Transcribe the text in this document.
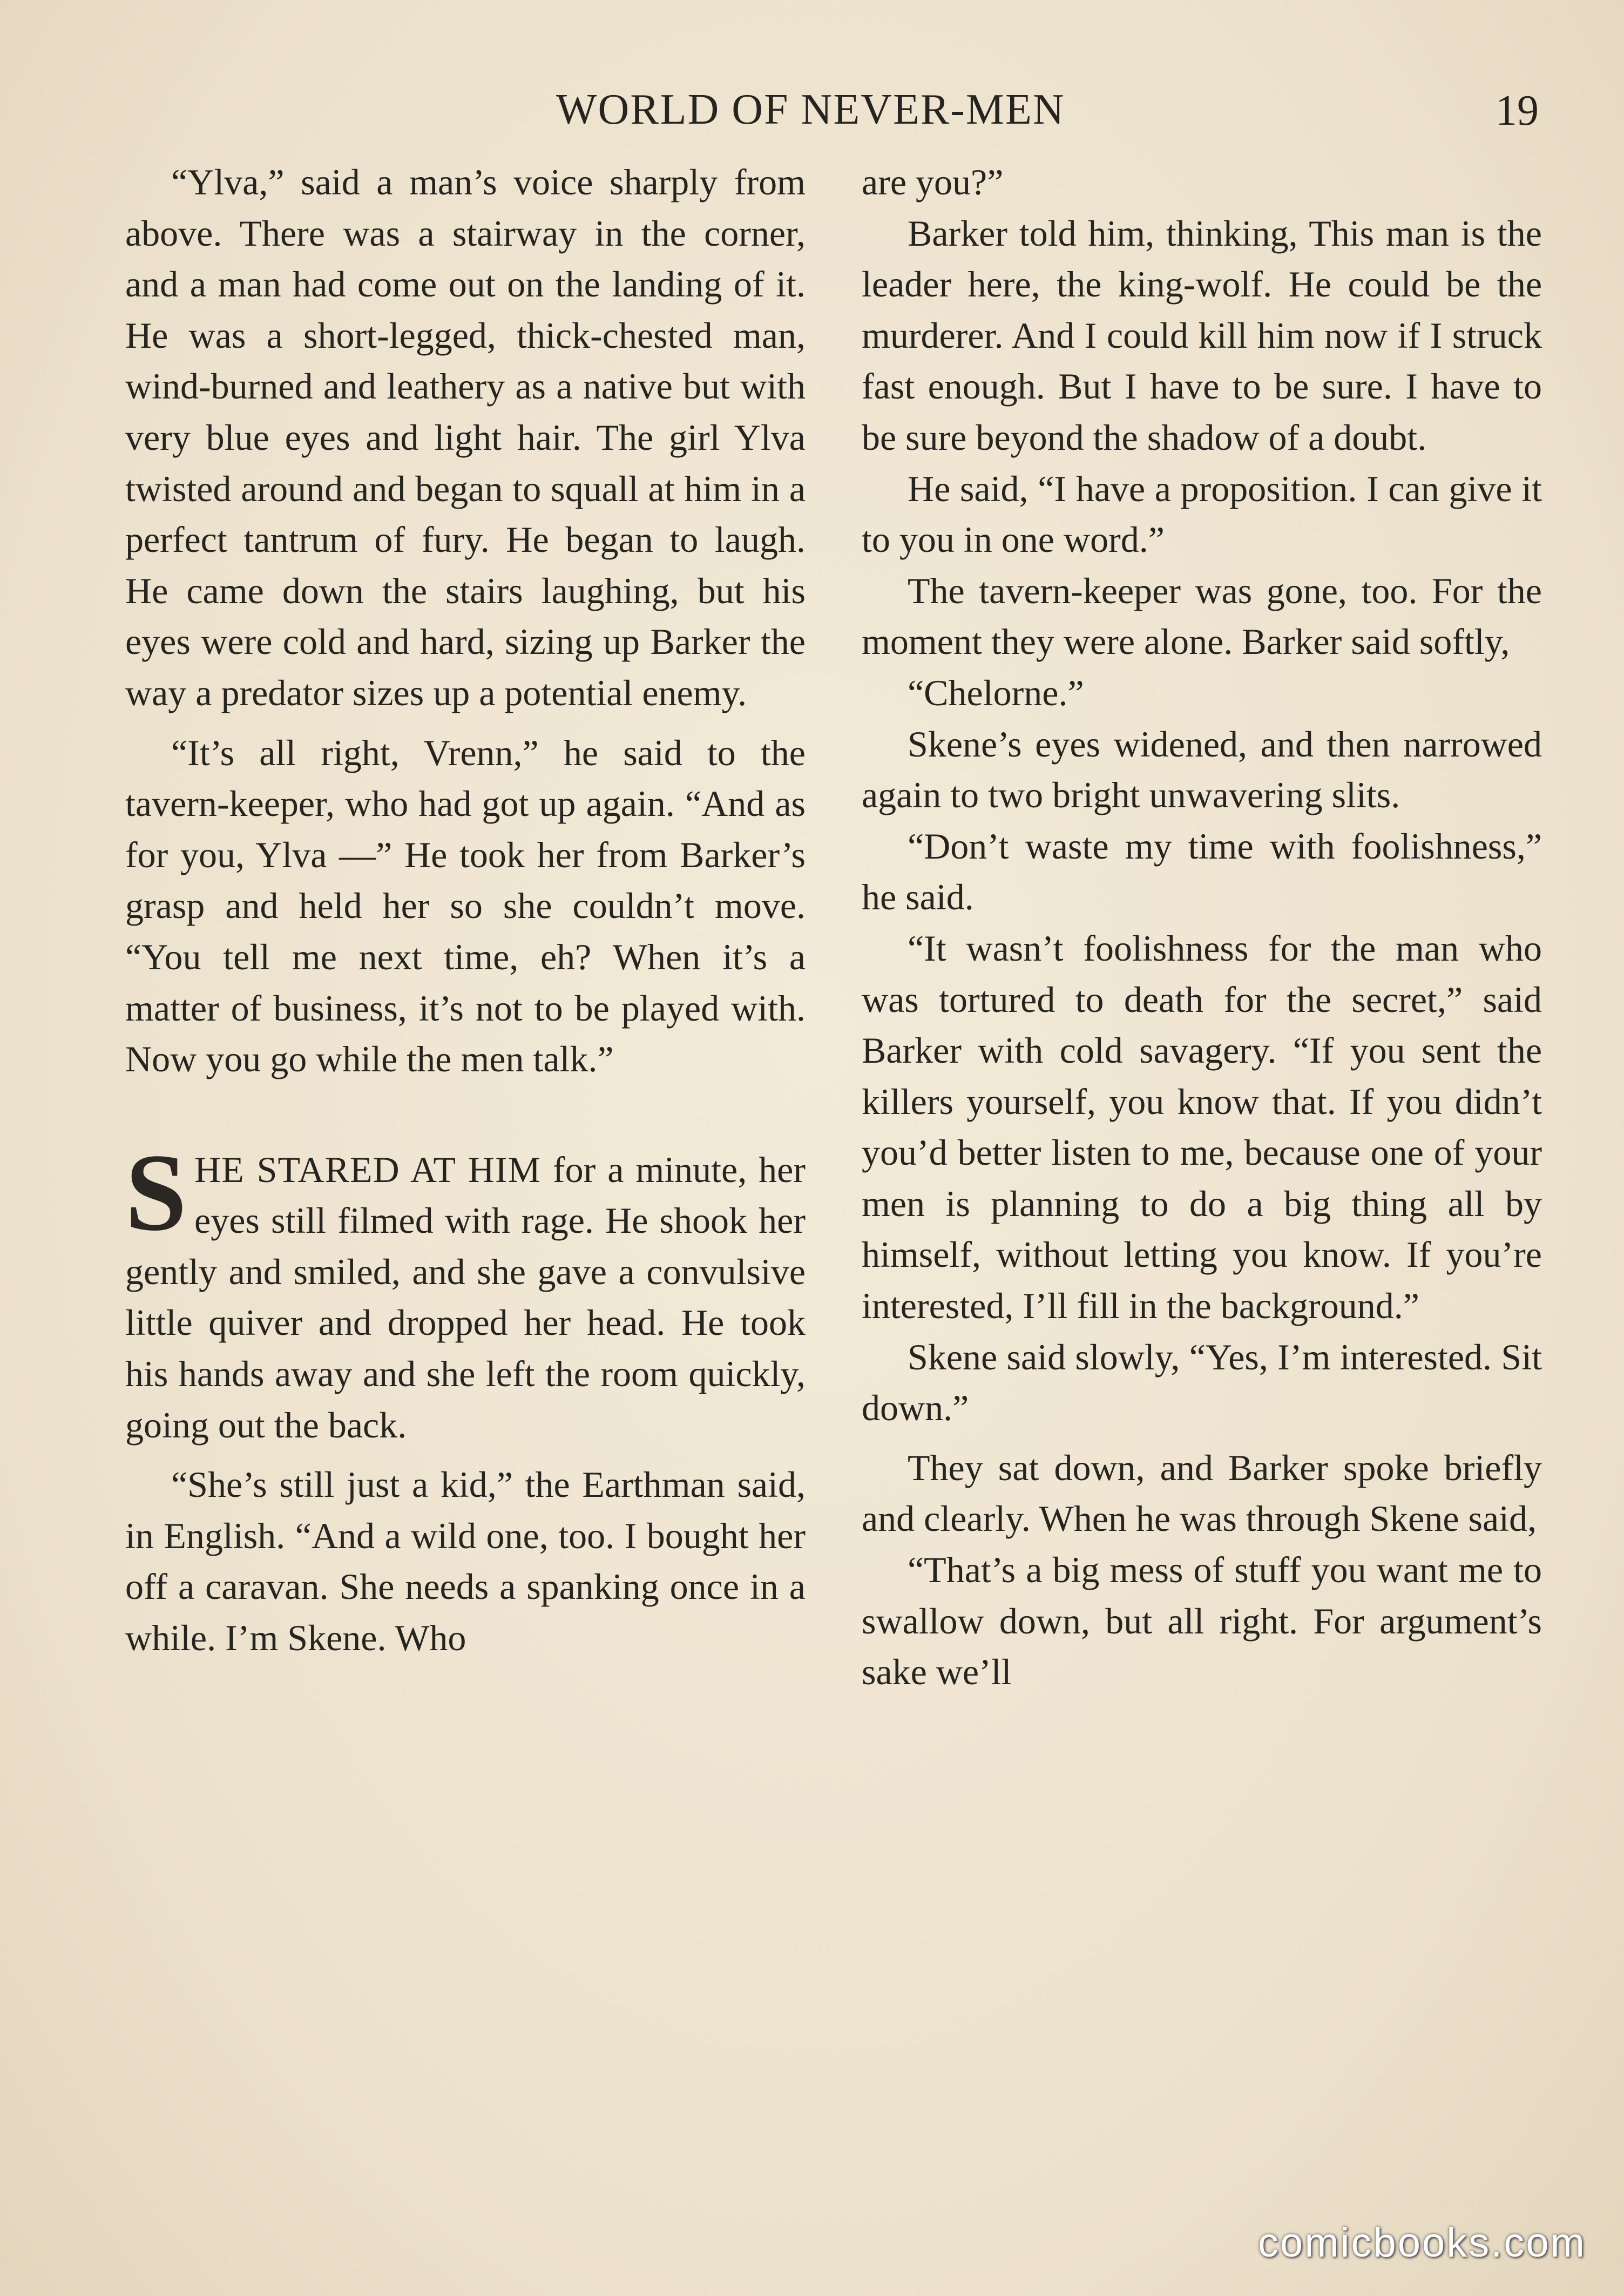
WORLD OF NEVER-MEN	19

“Ylva,” said a man’s voice sharply from above. There was a stairway in the corner, and a man had come out on the landing of it. He was a short-legged, thick-chested man, wind-burned and leathery as a native but with very blue eyes and light hair. The girl Ylva twisted around and began to squall at him in a perfect tantrum of fury. He began to laugh. He came down the stairs laughing, but his eyes were cold and hard, sizing up Barker the way a predator sizes up a potential enemy.

“It’s all right, Vrenn,” he said to the tavern-keeper, who had got up again. “And as for you, Ylva —” He took her from Barker’s grasp and held her so she couldn’t move. “You tell me next time, eh? When it’s a matter of business, it’s not to be played with. Now you go while the men talk.”

SHE STARED AT HIM for a minute, her eyes still filmed with rage. He shook her gently and smiled, and she gave a convulsive little quiver and dropped her head. He took his hands away and she left the room quickly, going out the back.

“She’s still just a kid,” the Earthman said, in English. “And a wild one, too. I bought her off a caravan. She needs a spanking once in a while. I’m Skene. Who

are you?”

Barker told him, thinking, This man is the leader here, the king-wolf. He could be the murderer. And I could kill him now if I struck fast enough. But I have to be sure. I have to be sure beyond the shadow of a doubt.

He said, “I have a proposition. I can give it to you in one word.”

The tavern-keeper was gone, too. For the moment they were alone. Barker said softly,

“Chelorne.”

Skene’s eyes widened, and then narrowed again to two bright unwavering slits.

“Don’t waste my time with foolishness,” he said.

“It wasn’t foolishness for the man who was tortured to death for the secret,” said Barker with cold savagery. “If you sent the killers yourself, you know that. If you didn’t you’d better listen to me, because one of your men is planning to do a big thing all by himself, without letting you know. If you’re interested, I’ll fill in the background.”

Skene said slowly, “Yes, I’m interested. Sit down.”

They sat down, and Barker spoke briefly and clearly. When he was through Skene said,

“That’s a big mess of stuff you want me to swallow down, but all right. For argument’s sake we’ll

comicbooks.com
